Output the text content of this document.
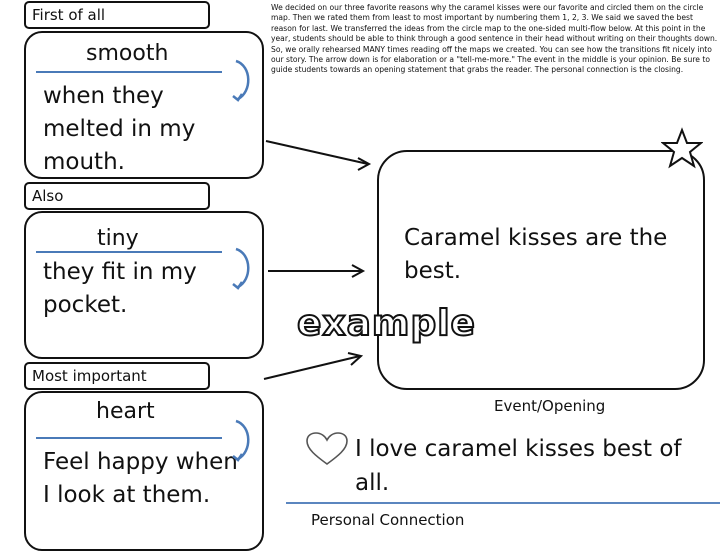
We decided on our three favorite reasons why the caramel kisses were our favorite and circled them on the circle map. Then we rated them from least to most important by numbering them 1, 2, 3. We said we saved the best reason for last. We transferred the ideas from the circle map to the one-sided multi-flow below. At this point in the year, students should be able to think through a good sentence in their head without writing on their thoughts down. So, we orally rehearsed MANY times reading off the maps we created. You can see how the transitions fit nicely into our story. The arrow down is for elaboration or a "tell-me-more." The event in the middle is your opinion. Be sure to guide students towards an opening statement that grabs the reader. The personal connection is the closing.
First of all
smooth
when they melted in my mouth.
Also
tiny
they fit in my pocket.
Most important
heart
Feel happy when I look at them.
Caramel kisses are the best.
example
Event/Opening
I love caramel kisses best of all.
Personal Connection
